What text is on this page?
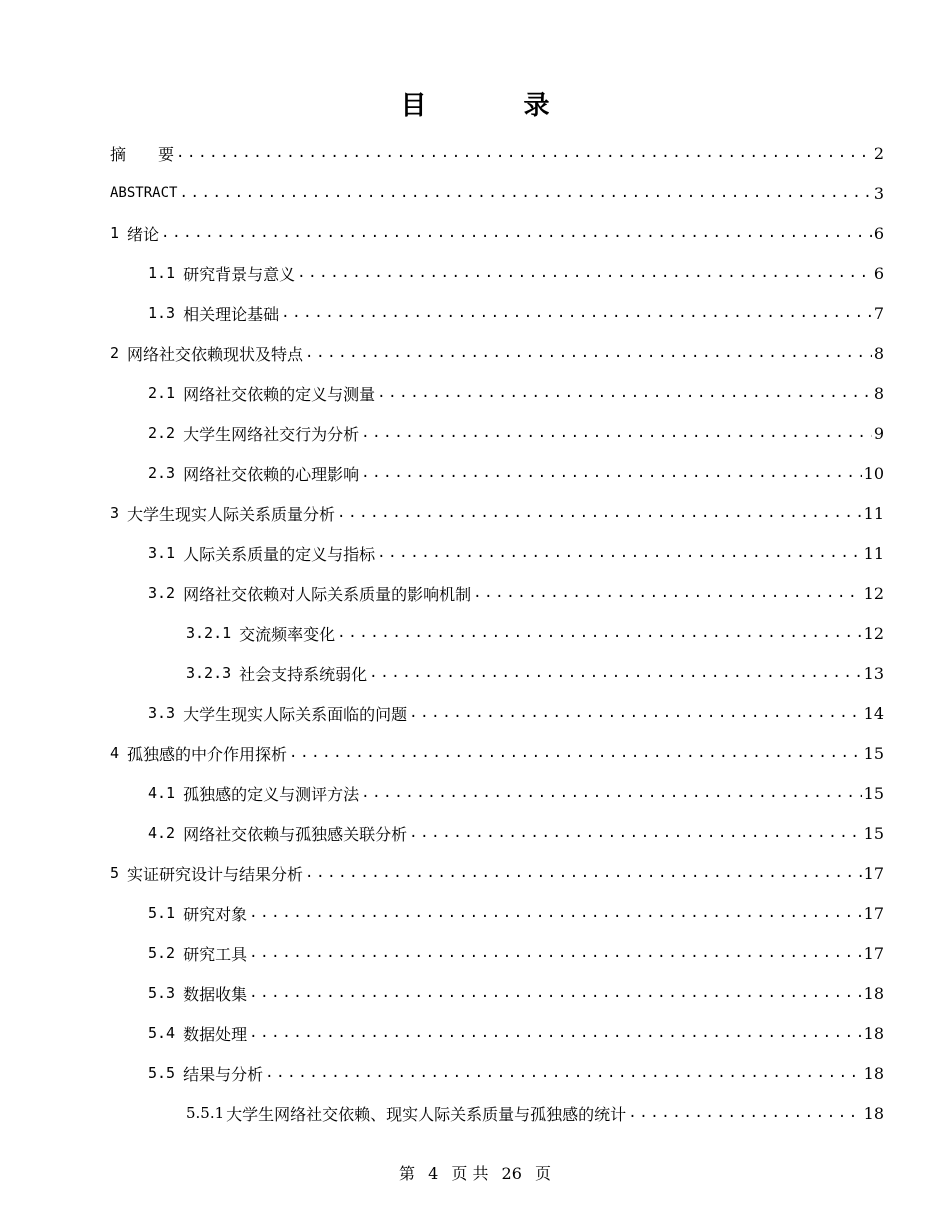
目 录
摘　　要 .....	2
ABSTRACT .....	3
1 绪论 .....	6
1.1 研究背景与意义 .....	6
1.3 相关理论基础 .....	7
2 网络社交依赖现状及特点 .....	8
2.1 网络社交依赖的定义与测量 .....	8
2.2 大学生网络社交行为分析 .....	9
2.3 网络社交依赖的心理影响 .....	10
3 大学生现实人际关系质量分析 .....	11
3.1 人际关系质量的定义与指标 .....	11
3.2 网络社交依赖对人际关系质量的影响机制 .....	12
3.2.1 交流频率变化 .....	12
3.2.3 社会支持系统弱化 .....	13
3.3 大学生现实人际关系面临的问题 .....	14
4 孤独感的中介作用探析 .....	15
4.1 孤独感的定义与测评方法 .....	15
4.2 网络社交依赖与孤独感关联分析 .....	15
5 实证研究设计与结果分析 .....	17
5.1 研究对象 .....	17
5.2 研究工具 .....	17
5.3 数据收集 .....	18
5.4 数据处理 .....	18
5.5 结果与分析 .....	18
5.5.1 大学生网络社交依赖、现实人际关系质量与孤独感的统计 .....	18
第 4 页 共 26 页
